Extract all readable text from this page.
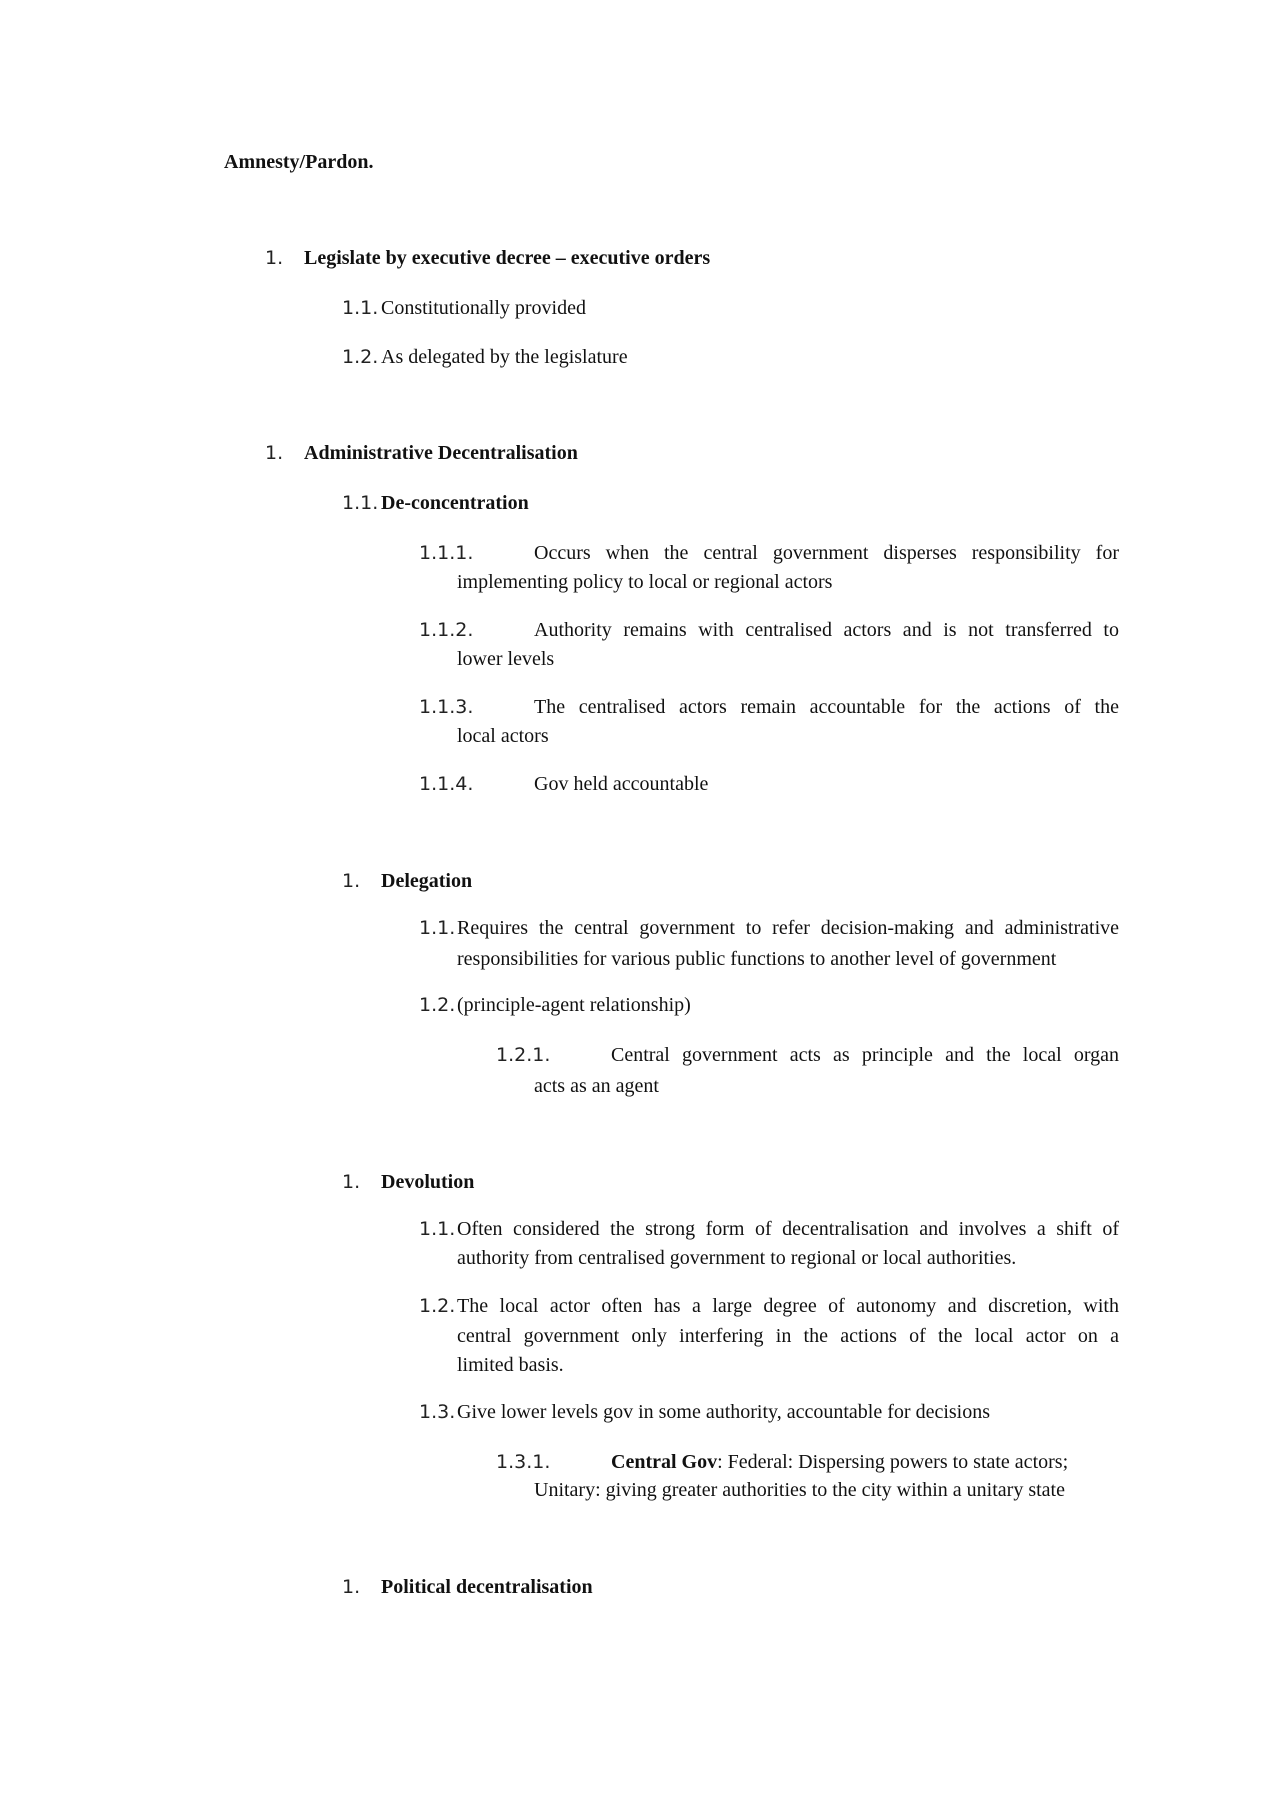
Amnesty/Pardon.
1. Legislate by executive decree – executive orders
1.1. Constitutionally provided
1.2. As delegated by the legislature
1. Administrative Decentralisation
1.1. De-concentration
1.1.1.	Occurs when the central government disperses responsibility for
implementing policy to local or regional actors
1.1.2.	Authority remains with centralised actors and is not transferred to
lower levels
1.1.3.	The centralised actors remain accountable for the actions of the
local actors
1.1.4.	Gov held accountable
1. Delegation
1.1. Requires the central government to refer decision-making and administrative
responsibilities for various public functions to another level of government
1.2. (principle-agent relationship)
1.2.1.	Central government acts as principle and the local organ
acts as an agent
1. Devolution
1.1. Often considered the strong form of decentralisation and involves a shift of
authority from centralised government to regional or local authorities.
1.2. The local actor often has a large degree of autonomy and discretion, with
central government only interfering in the actions of the local actor on a
limited basis.
1.3. Give lower levels gov in some authority, accountable for decisions
1.3.1.	Central Gov: Federal: Dispersing powers to state actors;
Unitary: giving greater authorities to the city within a unitary state
1. Political decentralisation
